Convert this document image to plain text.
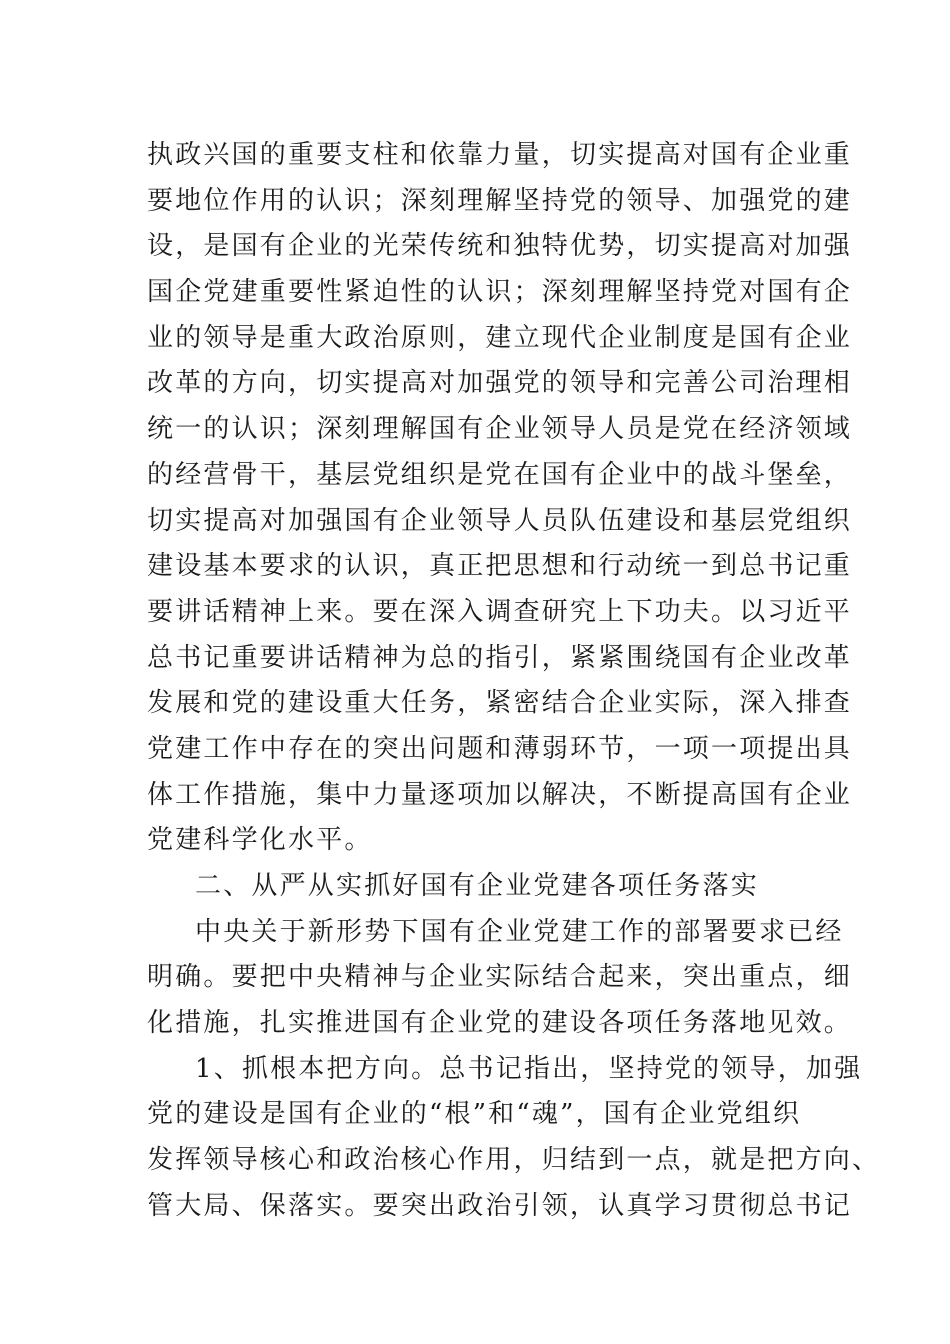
执政兴国的重要支柱和依靠力量，切实提高对国有企业重
要地位作用的认识；深刻理解坚持党的领导、加强党的建
设，是国有企业的光荣传统和独特优势，切实提高对加强
国企党建重要性紧迫性的认识；深刻理解坚持党对国有企
业的领导是重大政治原则，建立现代企业制度是国有企业
改革的方向，切实提高对加强党的领导和完善公司治理相
统一的认识；深刻理解国有企业领导人员是党在经济领域
的经营骨干，基层党组织是党在国有企业中的战斗堡垒，
切实提高对加强国有企业领导人员队伍建设和基层党组织
建设基本要求的认识，真正把思想和行动统一到总书记重
要讲话精神上来。要在深入调查研究上下功夫。以习近平
总书记重要讲话精神为总的指引，紧紧围绕国有企业改革
发展和党的建设重大任务，紧密结合企业实际，深入排查
党建工作中存在的突出问题和薄弱环节，一项一项提出具
体工作措施，集中力量逐项加以解决，不断提高国有企业
党建科学化水平。
二、从严从实抓好国有企业党建各项任务落实
中央关于新形势下国有企业党建工作的部署要求已经
明确。要把中央精神与企业实际结合起来，突出重点，细
化措施，扎实推进国有企业党的建设各项任务落地见效。
1、抓根本把方向。总书记指出，坚持党的领导，加强
党的建设是国有企业的“根”和“魂”，国有企业党组织
发挥领导核心和政治核心作用，归结到一点，就是把方向、
管大局、保落实。要突出政治引领，认真学习贯彻总书记
